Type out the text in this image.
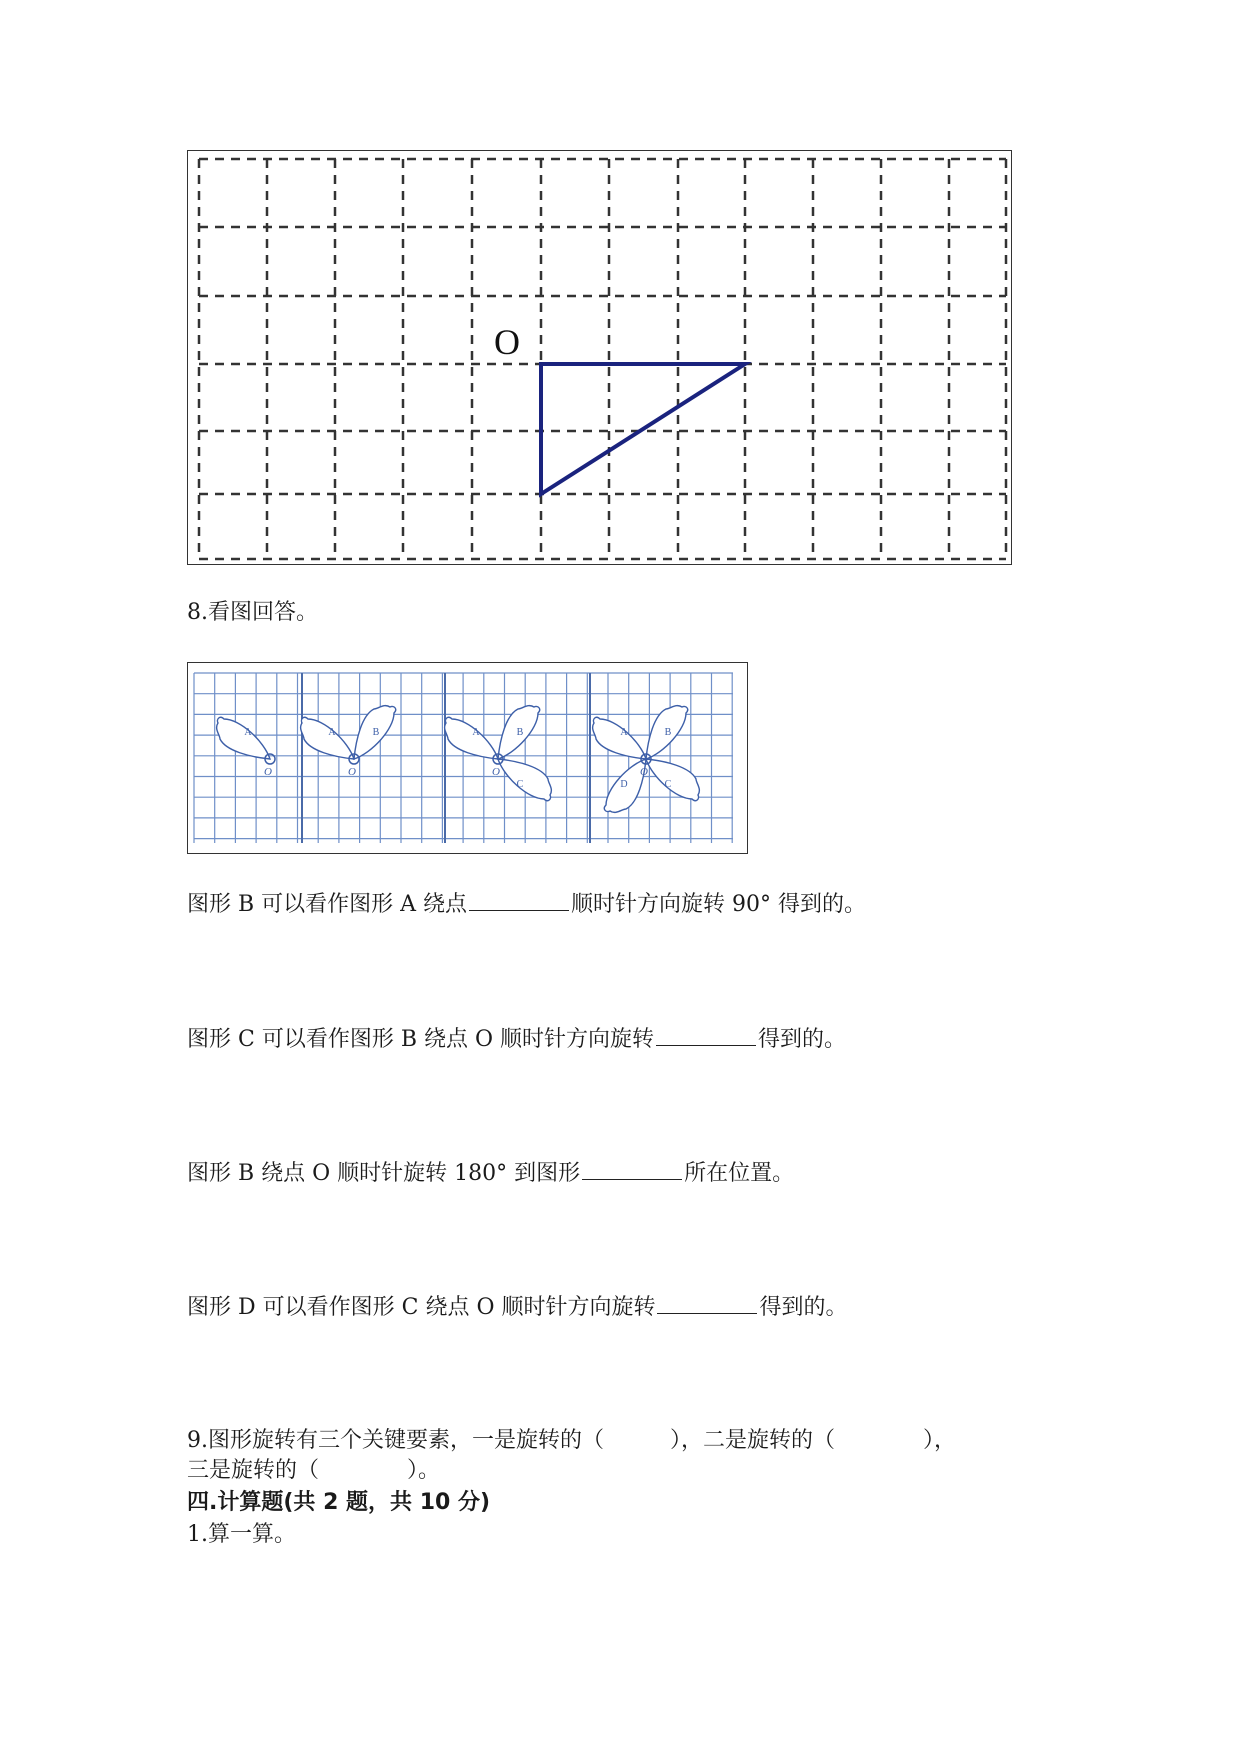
O
8.看图回答。
A
O
A	B
O
A	B
C
O
A	B
C
D
O
图形 B 可以看作图形 A 绕点	顺时针方向旋转 90° 得到的。
图形 C 可以看作图形 B 绕点 O 顺时针方向旋转	得到的。
图形 B 绕点 O 顺时针旋转 180° 到图形	所在位置。
图形 D 可以看作图形 C 绕点 O 顺时针方向旋转	得到的。
9.图形旋转有三个关键要素，一是旋转的（　　　），二是旋转的（　　　　），
三是旋转的（　　　　）。
四.计算题(共 2 题，共 10 分)
1.算一算。
